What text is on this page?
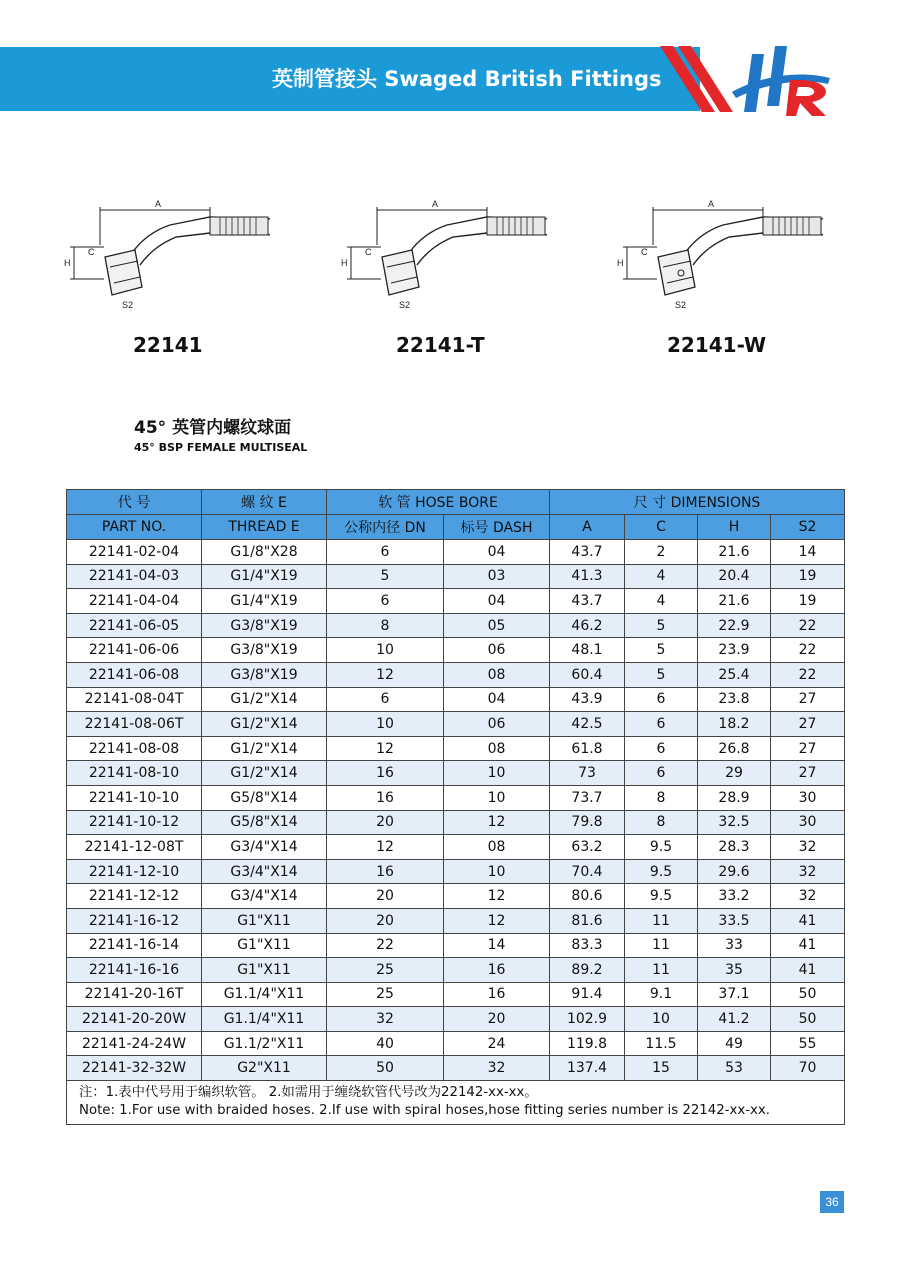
英制管接头 Swaged British Fittings
A
H
C
S2
A
H
C
S2
A
H
C
S2
22141	22141-T	22141-W
45° 英管内螺纹球面
45° BSP FEMALE MULTISEAL
代 号	螺 纹 E	软 管 HOSE BORE		尺 寸 DIMENSIONS			
PART NO.	THREAD E	公称内径 DN	标号 DASH	A	C	H	S2
22141-02-04	G1/8"X28	6	04	43.7	2	21.6	14
22141-04-03	G1/4"X19	5	03	41.3	4	20.4	19
22141-04-04	G1/4"X19	6	04	43.7	4	21.6	19
22141-06-05	G3/8"X19	8	05	46.2	5	22.9	22
22141-06-06	G3/8"X19	10	06	48.1	5	23.9	22
22141-06-08	G3/8"X19	12	08	60.4	5	25.4	22
22141-08-04T	G1/2"X14	6	04	43.9	6	23.8	27
22141-08-06T	G1/2"X14	10	06	42.5	6	18.2	27
22141-08-08	G1/2"X14	12	08	61.8	6	26.8	27
22141-08-10	G1/2"X14	16	10	73	6	29	27
22141-10-10	G5/8"X14	16	10	73.7	8	28.9	30
22141-10-12	G5/8"X14	20	12	79.8	8	32.5	30
22141-12-08T	G3/4"X14	12	08	63.2	9.5	28.3	32
22141-12-10	G3/4"X14	16	10	70.4	9.5	29.6	32
22141-12-12	G3/4"X14	20	12	80.6	9.5	33.2	32
22141-16-12	G1"X11	20	12	81.6	11	33.5	41
22141-16-14	G1"X11	22	14	83.3	11	33	41
22141-16-16	G1"X11	25	16	89.2	11	35	41
22141-20-16T	G1.1/4"X11	25	16	91.4	9.1	37.1	50
22141-20-20W	G1.1/4"X11	32	20	102.9	10	41.2	50
22141-24-24W	G1.1/2"X11	40	24	119.8	11.5	49	55
22141-32-32W	G2"X11	50	32	137.4	15	53	70

注：1.表中代号用于编织软管。 2.如需用于缠绕软管代号改为22142-xx-xx。
Note: 1.For use with braided hoses. 2.If use with spiral hoses,hose fitting series number is 22142-xx-xx.							
36
